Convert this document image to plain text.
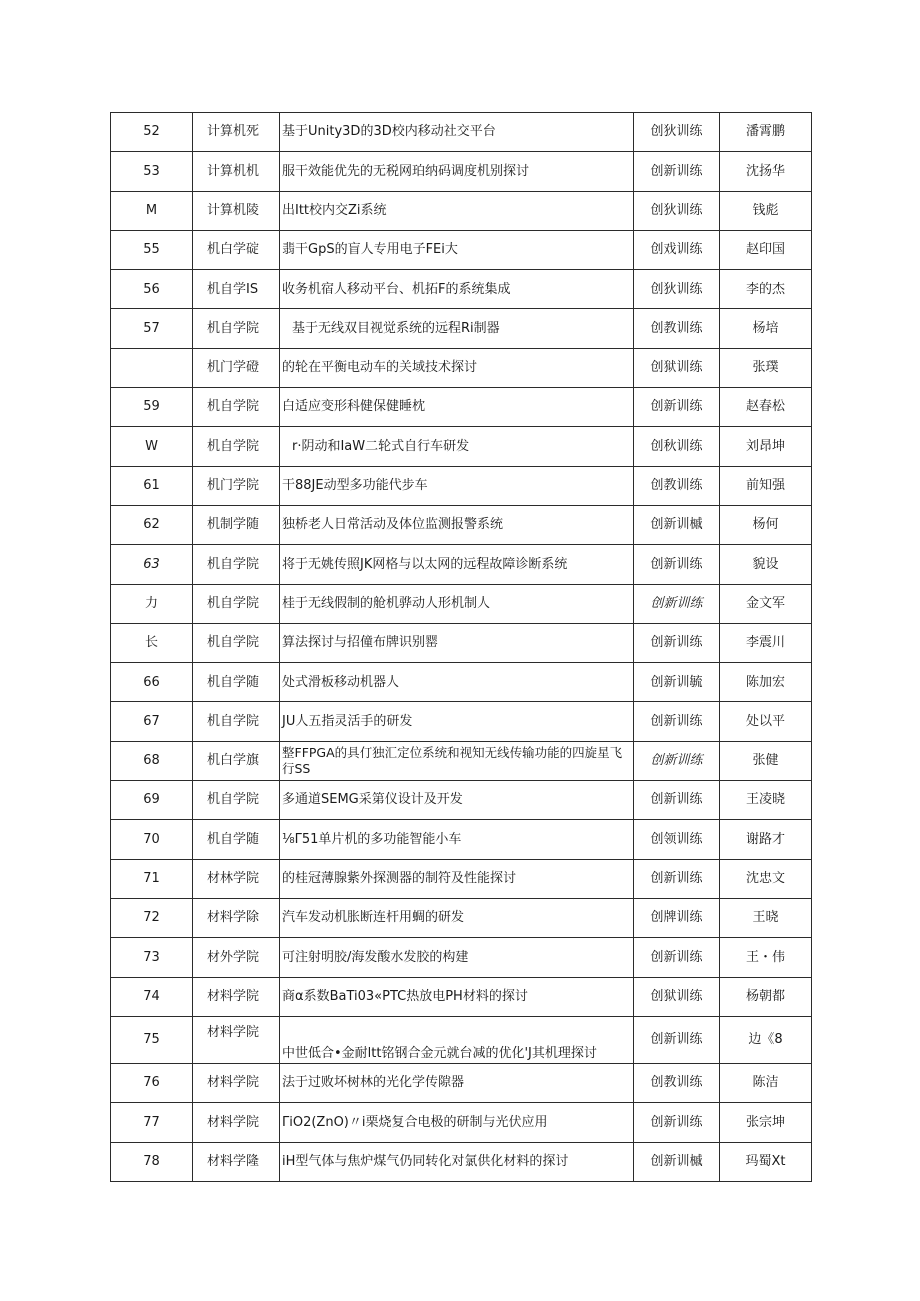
52	计算机死	基于Unity3D的3D校内移动社交平台	创狄训练	潘霄鹏
53	计算机机	服干效能优先的无税网珀纳码调度机别探讨	创新训练	沈扬华
M	计算机陵	出Itt校内交Zi系统	创狄训练	钱彪
55	机白学碇	翡干GpS的盲人专用电子FEi大	创戏训练	赵印国
56	机自学IS	收务机宿人移动平台、机拓F的系统集成	创狄训练	李的杰
57	机自学院	基于无线双目视觉系统的远程Ri制器	创教训练	杨培
	机门学磴	的轮在平衡电动车的关域技术探讨	创狱训练	张璞
59	机自学院	白适应变形科健保健睡枕	创新训练	赵春松
W	机自学院	r·阴动和IaW二轮式自行车研发	创秋训练	刘昂坤
61	机门学院	干88JE动型多功能代步车	创教训练	前知强
62	机制学随	独桥老人日常活动及体位监测报警系统	创新训槭	杨何
63	机自学院	将于无姚传照JK网格与以太网的远程故障诊断系统	创新训练	貌设
力	机自学院	桂于无线假制的舱机骅动人形机制人	创新训练	金文军
长	机自学院	算法探讨与招僮布牌识别罂	创新训练	李震川
66	机自学随	处式滑板移动机器人	创新训毓	陈加宏
67	机自学院	JU人五指灵活手的研发	创新训练	处以平
68	机白学旗	整FFPGA的具仃独汇定位系统和视知无线传输功能的四旋星飞行SS	创新训练	张健
69	机自学院	多通道SEMG采第仪设计及开发	创新训练	王凌晓
70	机自学随	⅛Γ51单片机的多功能智能小车	创领训练	谢路才
71	材林学院	的桂冠薄腺紫外探测器的制符及性能探讨	创新训练	沈忠文
72	材料学除	汽车发动机胀断连杆用蜩的研发	创牌训练	王晓
73	材外学院	可注射明胶/海发酸水发胶的构建	创新训练	王・伟
74	材料学院	商α系数BaTi03«PTC热放电PH材料的探讨	创狱训练	杨朝都
75	材料学院	中世低合•金耐ltt铭钢合金元就台减的优化'J其机理探讨	创新训练	边《8
76	材料学院	法于过败坏树林的光化学传隙器	创教训练	陈洁
77	材料学院	ΓiO2(ZnO)〃i栗烧复合电极的研制与光伏应用	创新训练	张宗坤
78	材料学隆	iH型气体与焦炉煤气仍同转化对氯供化材料的探讨	创新训槭	玛蜀Xt
